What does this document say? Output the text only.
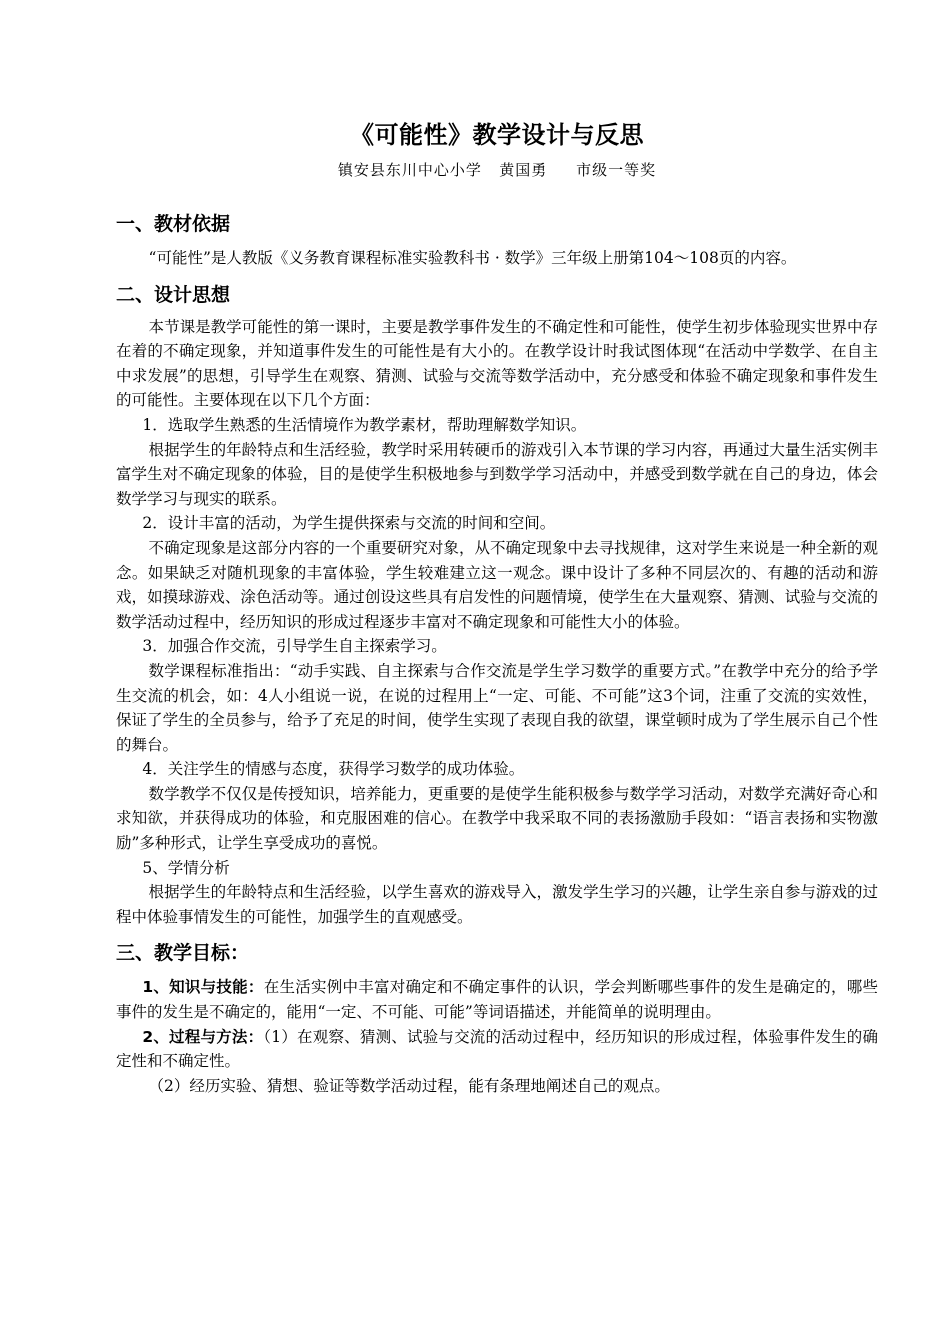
《可能性》教学设计与反思
镇安县东川中心小学   黄国勇     市级一等奖
一、教材依据

“可能性”是人教版《义务教育课程标准实验教科书 · 数学》三年级上册第104～108页的内容。

二、设计思想

本节课是教学可能性的第一课时，主要是教学事件发生的不确定性和可能性，使学生初步体验现实世界中存在着的不确定现象，并知道事件发生的可能性是有大小的。在教学设计时我试图体现“在活动中学数学、在自主中求发展”的思想，引导学生在观察、猜测、试验与交流等数学活动中，充分感受和体验不确定现象和事件发生的可能性。主要体现在以下几个方面：

1．选取学生熟悉的生活情境作为教学素材，帮助理解数学知识。

根据学生的年龄特点和生活经验，教学时采用转硬币的游戏引入本节课的学习内容，再通过大量生活实例丰富学生对不确定现象的体验，目的是使学生积极地参与到数学学习活动中，并感受到数学就在自己的身边，体会数学学习与现实的联系。

2．设计丰富的活动，为学生提供探索与交流的时间和空间。

不确定现象是这部分内容的一个重要研究对象，从不确定现象中去寻找规律，这对学生来说是一种全新的观念。如果缺乏对随机现象的丰富体验，学生较难建立这一观念。课中设计了多种不同层次的、有趣的活动和游戏，如摸球游戏、涂色活动等。通过创设这些具有启发性的问题情境，使学生在大量观察、猜测、试验与交流的数学活动过程中，经历知识的形成过程逐步丰富对不确定现象和可能性大小的体验。

3．加强合作交流，引导学生自主探索学习。

数学课程标准指出：“动手实践、自主探索与合作交流是学生学习数学的重要方式。”在教学中充分的给予学生交流的机会，如：4人小组说一说，在说的过程用上“一定、可能、不可能”这3个词，注重了交流的实效性，保证了学生的全员参与，给予了充足的时间，使学生实现了表现自我的欲望，课堂顿时成为了学生展示自己个性的舞台。

4．关注学生的情感与态度，获得学习数学的成功体验。

数学教学不仅仅是传授知识，培养能力，更重要的是使学生能积极参与数学学习活动，对数学充满好奇心和求知欲，并获得成功的体验，和克服困难的信心。在教学中我采取不同的表扬激励手段如：“语言表扬和实物激励”多种形式，让学生享受成功的喜悦。

5、学情分析

根据学生的年龄特点和生活经验，以学生喜欢的游戏导入，激发学生学习的兴趣，让学生亲自参与游戏的过程中体验事情发生的可能性，加强学生的直观感受。

三、教学目标：

1、知识与技能：在生活实例中丰富对确定和不确定事件的认识，学会判断哪些事件的发生是确定的，哪些事件的发生是不确定的，能用“一定、不可能、可能”等词语描述，并能简单的说明理由。

2、过程与方法：（1）在观察、猜测、试验与交流的活动过程中，经历知识的形成过程，体验事件发生的确定性和不确定性。

（2）经历实验、猜想、验证等数学活动过程，能有条理地阐述自己的观点。
